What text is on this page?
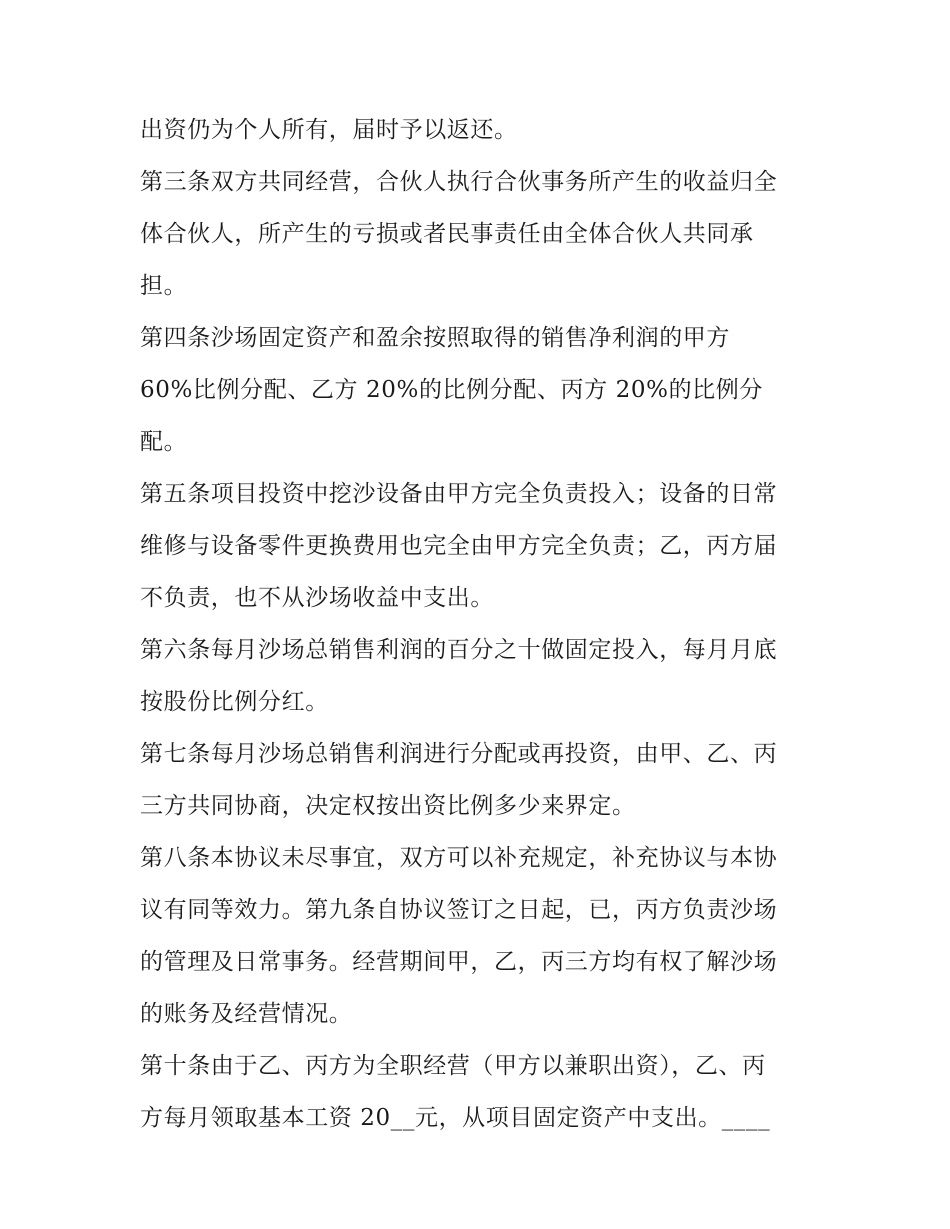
出资仍为个人所有，届时予以返还。
第三条双方共同经营，合伙人执行合伙事务所产生的收益归全
体合伙人，所产生的亏损或者民事责任由全体合伙人共同承
担。
第四条沙场固定资产和盈余按照取得的销售净利润的甲方
60%比例分配、乙方 20%的比例分配、丙方 20%的比例分
配。
第五条项目投资中挖沙设备由甲方完全负责投入；设备的日常
维修与设备零件更换费用也完全由甲方完全负责；乙，丙方届
不负责，也不从沙场收益中支出。
第六条每月沙场总销售利润的百分之十做固定投入，每月月底
按股份比例分红。
第七条每月沙场总销售利润进行分配或再投资，由甲、乙、丙
三方共同协商，决定权按出资比例多少来界定。
第八条本协议未尽事宜，双方可以补充规定，补充协议与本协
议有同等效力。第九条自协议签订之日起，已，丙方负责沙场
的管理及日常事务。经营期间甲，乙，丙三方均有权了解沙场
的账务及经营情况。
第十条由于乙、丙方为全职经营（甲方以兼职出资），乙、丙
方每月领取基本工资 20__元，从项目固定资产中支出。____
